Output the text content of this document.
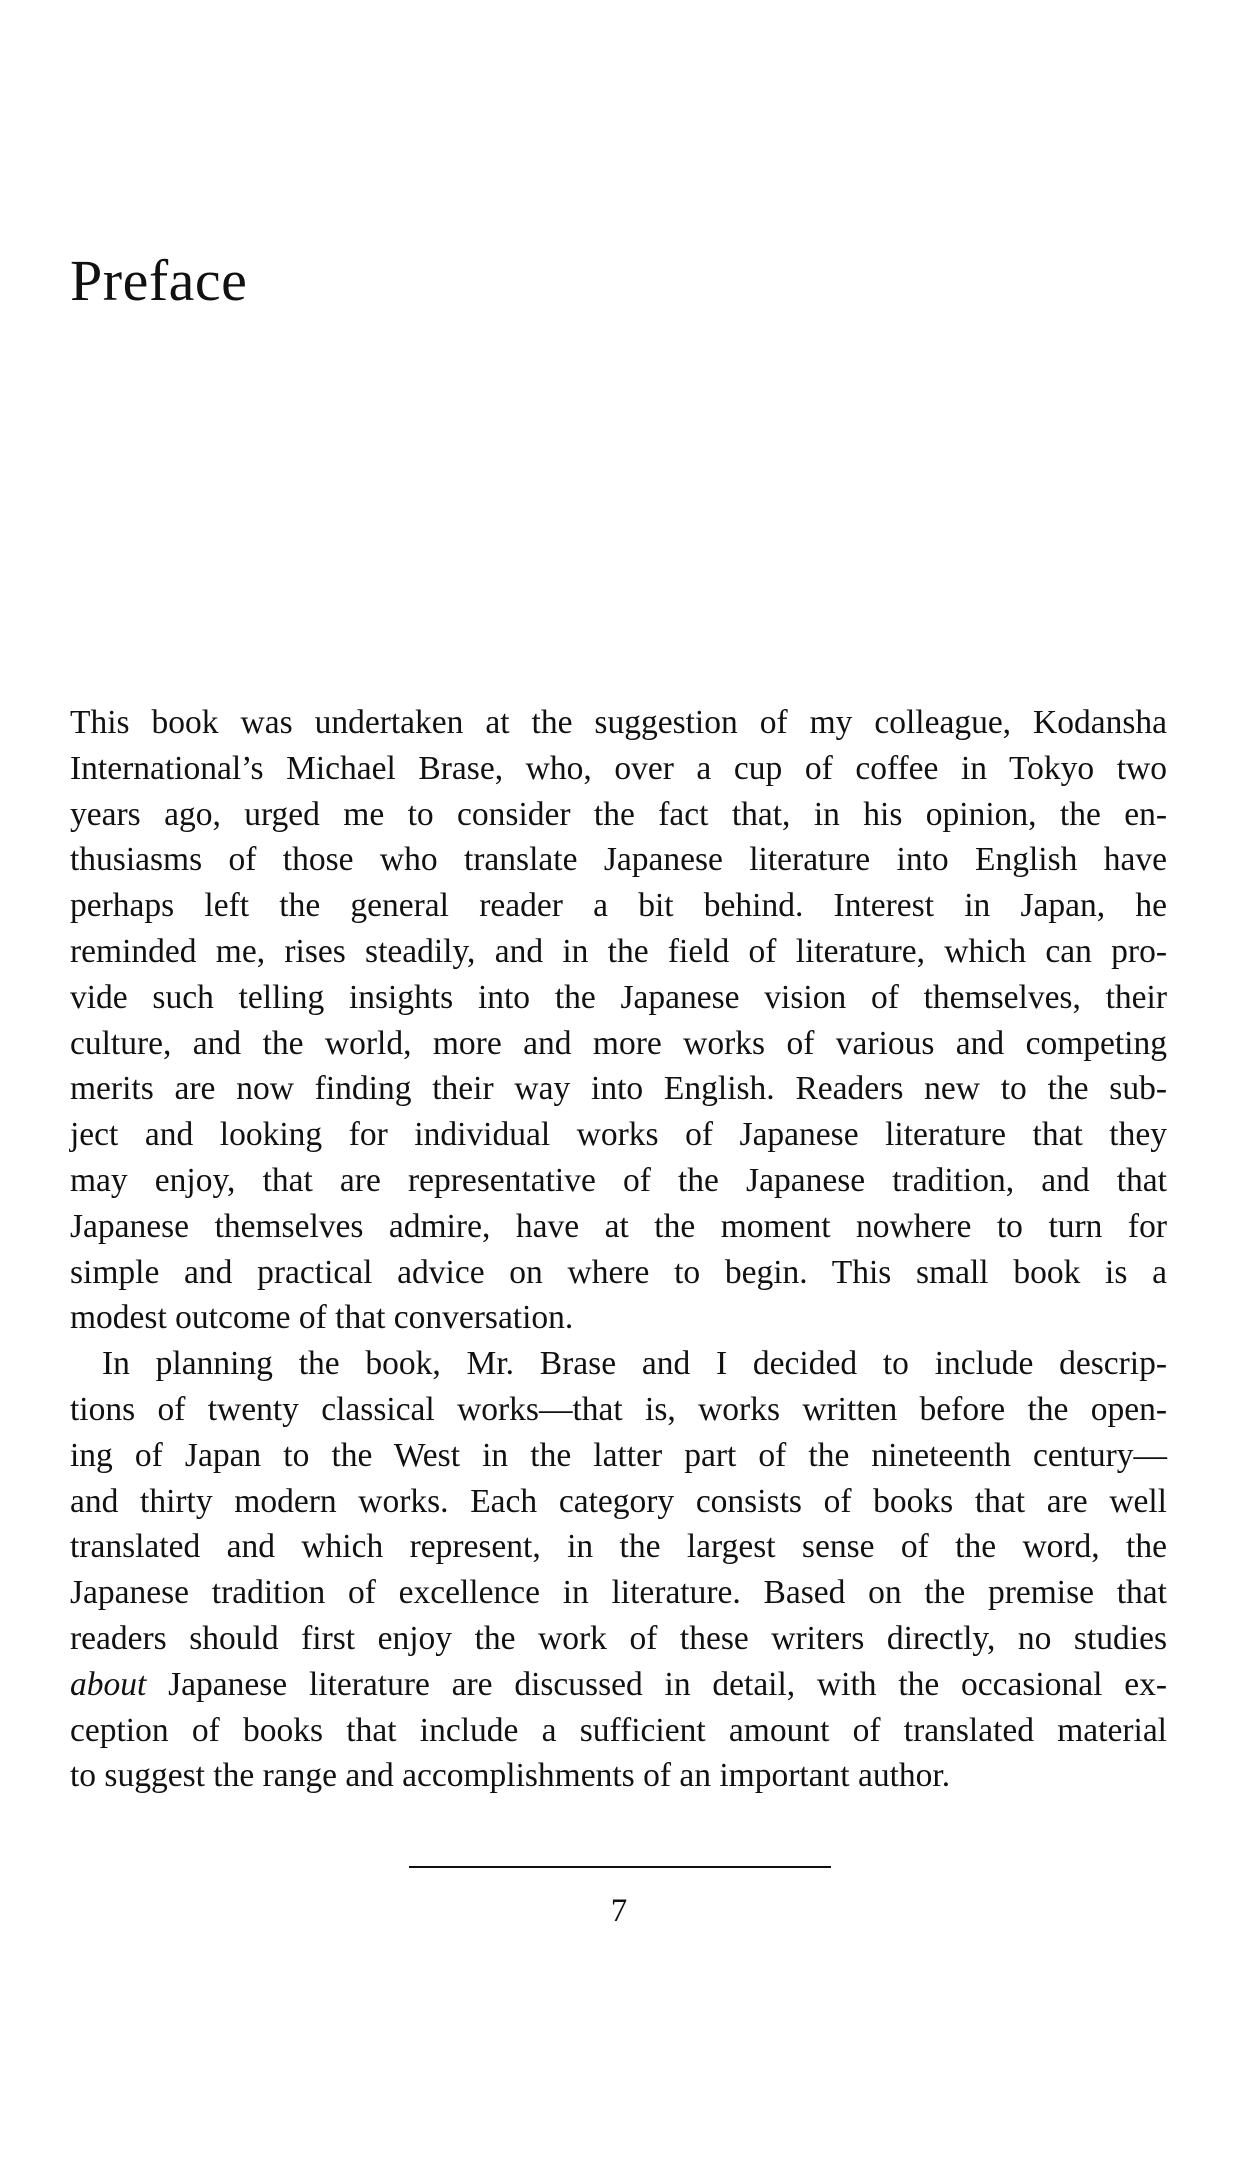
Preface

This book was undertaken at the suggestion of my colleague, Kodansha
International’s Michael Brase, who, over a cup of coffee in Tokyo two
years ago, urged me to consider the fact that, in his opinion, the en-
thusiasms of those who translate Japanese literature into English have
perhaps left the general reader a bit behind. Interest in Japan, he
reminded me, rises steadily, and in the field of literature, which can pro-
vide such telling insights into the Japanese vision of themselves, their
culture, and the world, more and more works of various and competing
merits are now finding their way into English. Readers new to the sub-
ject and looking for individual works of Japanese literature that they
may enjoy, that are representative of the Japanese tradition, and that
Japanese themselves admire, have at the moment nowhere to turn for
simple and practical advice on where to begin. This small book is a
modest outcome of that conversation.

In planning the book, Mr. Brase and I decided to include descrip-
tions of twenty classical works—that is, works written before the open-
ing of Japan to the West in the latter part of the nineteenth century—
and thirty modern works. Each category consists of books that are well
translated and which represent, in the largest sense of the word, the
Japanese tradition of excellence in literature. Based on the premise that
readers should first enjoy the work of these writers directly, no studies
about Japanese literature are discussed in detail, with the occasional ex-
ception of books that include a sufficient amount of translated material
to suggest the range and accomplishments of an important author.

7
